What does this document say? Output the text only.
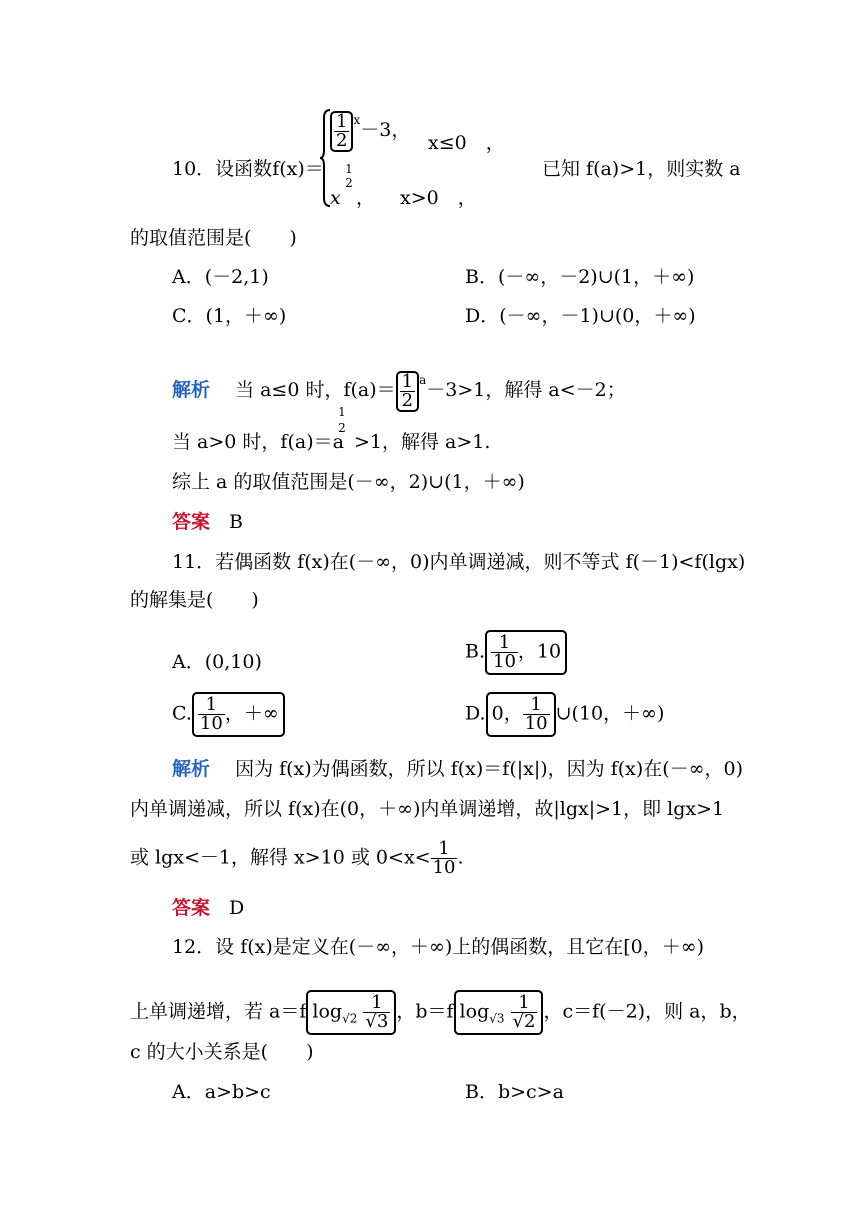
10．设函数f(x)＝
$\frac{1}{2} ^x-3$，
x≤0　，
x
1
2
， x>0　，
已知 f(a)>1，则实数 a
的取值范围是(　　)
A．(－2,1)	B．(－∞，－2)∪(1，＋∞)
C．(1，＋∞)	D．(－∞，－1)∪(0，＋∞)
解析　 当 a≤0 时，$f(a)= \frac{1}{2} ^a-3>1$，解得 a<－2；
当 a>0 时，f(a)＝a
1
2
>1，解得 a>1.
综上 a 的取值范围是(－∞，2)∪(1，＋∞)
答案　 B
11．若偶函数 f(x)在(－∞，0)内单调递减，则不等式 f(－1)<f(lgx)
的解集是(　　)
A．(0,10)	B. $\frac{1}{10}$ ，10
C. $\frac{1}{10}$ ，＋∞	D. 0， $\frac{1}{10}$ ∪(10，＋∞)
解析　 因为 f(x)为偶函数，所以 f(x)＝f(|x|)，因为 f(x)在(－∞，0)
内单调递减，所以 f(x)在(0，＋∞)内单调递增，故|lgx|>1，即 lgx>1
或 lgx<－1，解得 x>10 或 $0<x< \frac{1}{10}$ .
答案　 D
12．设 f(x)是定义在(－∞，＋∞)上的偶函数，且它在[0，＋∞)
上单调递增，若 a＝f $\log_{√2} \frac{1}{√3}$ ，b＝f $\log_{√3} \frac{1}{√2}$ ，c＝f(－2)，则 a，b，
c 的大小关系是(　　)
A．a>b>c	B．b>c>a
